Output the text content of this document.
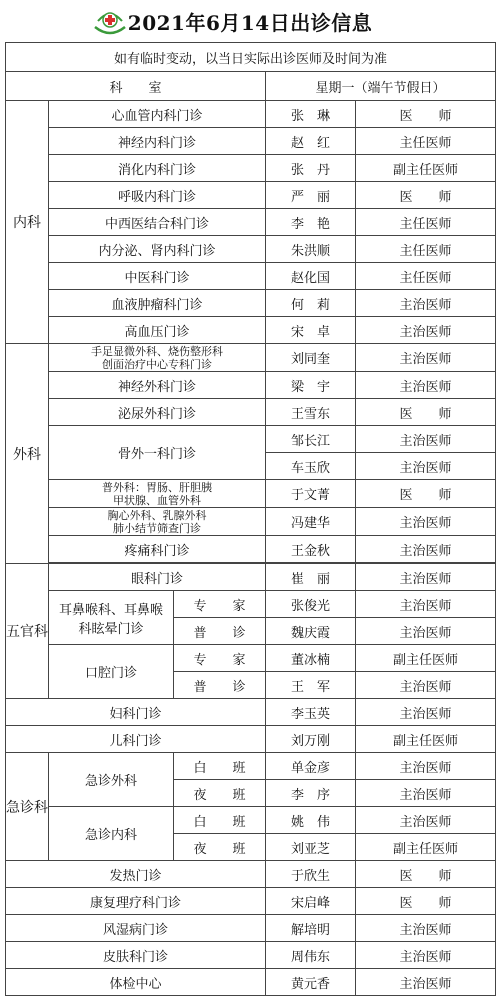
2021年6月14日出诊信息
如有临时变动，以当日实际出诊医师及时间为准				
科　　室			星期一（端午节假日）	
内科	心血管内科门诊		张　琳	医　　师
	神经内科门诊		赵　红	主任医师
	消化内科门诊		张　丹	副主任医师
	呼吸内科门诊		严　丽	医　　师
	中西医结合科门诊		李　艳	主任医师
	内分泌、肾内科门诊		朱洪顺	主任医师
	中医科门诊		赵化国	主任医师
	血液肿瘤科门诊		何　莉	主治医师
	高血压门诊		宋　卓	主治医师
外科	手足显微外科、烧伤整形科
创面治疗中心专科门诊		刘同奎	主治医师
	神经外科门诊		梁　宇	主治医师
	泌尿外科门诊		王雪东	医　　师
	骨外一科门诊		邹长江	主治医师
			车玉欣	主治医师

	普外科：胃肠、肝胆胰
甲状腺、血管外科		于文菁	医　　师

	胸心外科、乳腺外科
肺小结节筛查门诊		冯建华	主治医师
	疼痛科门诊		王金秋	主治医师

五官科	眼科门诊		崔　丽	主治医师

	耳鼻喉科、耳鼻喉
科眩晕门诊	专　　家	张俊光	主治医师
		普　　诊	魏庆霞	主治医师
	口腔门诊	专　　家	董冰楠	副主任医师
		普　　诊	王　军	主治医师
妇科门诊			李玉英	主治医师
儿科门诊			刘万刚	副主任医师
急诊科	急诊外科	白　　班	单金彦	主治医师
		夜　　班	李　序	主治医师
	急诊内科	白　　班	姚　伟	主治医师
		夜　　班	刘亚芝	副主任医师
发热门诊			于欣生	医　　师
康复理疗科门诊			宋启峰	医　　师
风湿病门诊			解培明	主治医师
皮肤科门诊			周伟东	主治医师
体检中心			黄元香	主治医师
